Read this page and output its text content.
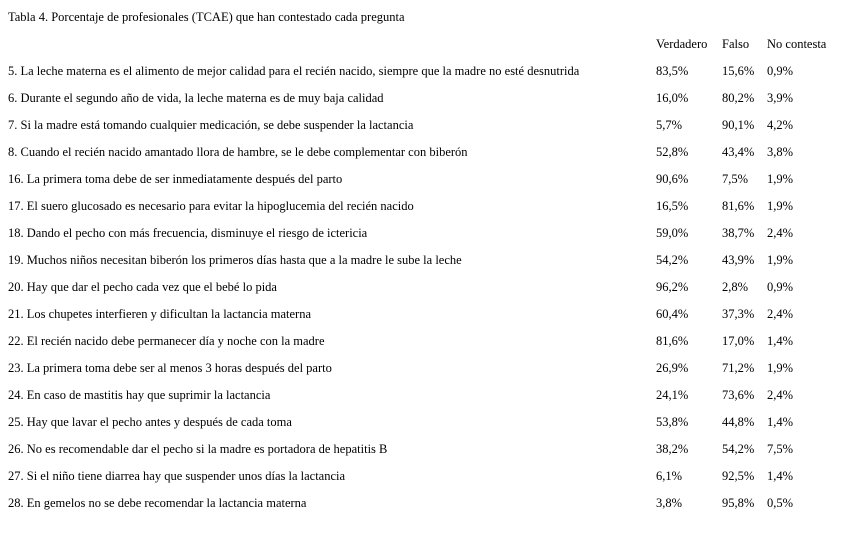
Tabla 4. Porcentaje de profesionales (TCAE) que han contestado cada pregunta
	Verdadero	Falso	No contesta
5. La leche materna es el alimento de mejor calidad para el recién nacido, siempre que la madre no esté desnutrida	83,5%	15,6%	0,9%
6. Durante el segundo año de vida, la leche materna es de muy baja calidad	16,0%	80,2%	3,9%
7. Si la madre está tomando cualquier medicación, se debe suspender la lactancia	5,7%	90,1%	4,2%
8. Cuando el recién nacido amantado llora de hambre, se le debe complementar con biberón	52,8%	43,4%	3,8%
16. La primera toma debe de ser inmediatamente después del parto	90,6%	7,5%	1,9%
17. El suero glucosado es necesario para evitar la hipoglucemia del recién nacido	16,5%	81,6%	1,9%
18. Dando el pecho con más frecuencia, disminuye el riesgo de ictericia	59,0%	38,7%	2,4%
19. Muchos niños necesitan biberón los primeros días hasta que a la madre le sube la leche	54,2%	43,9%	1,9%
20. Hay que dar el pecho cada vez que el bebé lo pida	96,2%	2,8%	0,9%
21. Los chupetes interfieren y dificultan la lactancia materna	60,4%	37,3%	2,4%
22. El recién nacido debe permanecer día y noche con la madre	81,6%	17,0%	1,4%
23. La primera toma debe ser al menos 3 horas después del parto	26,9%	71,2%	1,9%
24. En caso de mastitis hay que suprimir la lactancia	24,1%	73,6%	2,4%
25. Hay que lavar el pecho antes y después de cada toma	53,8%	44,8%	1,4%
26. No es recomendable dar el pecho si la madre es portadora de hepatitis B	38,2%	54,2%	7,5%
27. Si el niño tiene diarrea hay que suspender unos días la lactancia	6,1%	92,5%	1,4%
28. En gemelos no se debe recomendar la lactancia materna	3,8%	95,8%	0,5%
